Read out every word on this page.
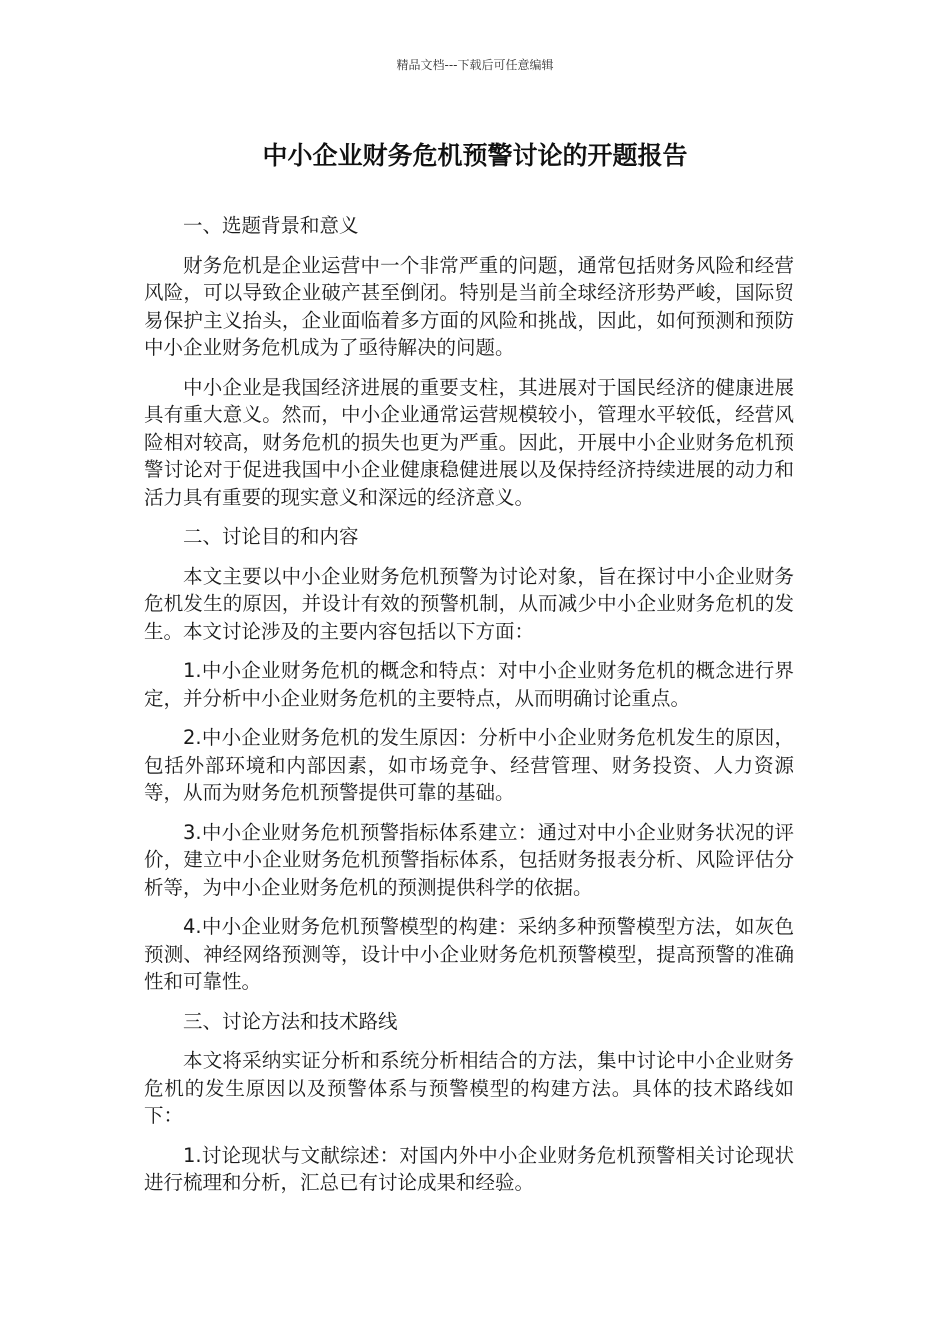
精品文档---下载后可任意编辑
中小企业财务危机预警讨论的开题报告

一、选题背景和意义

财务危机是企业运营中一个非常严重的问题，通常包括财务风险和经营风险，可以导致企业破产甚至倒闭。特别是当前全球经济形势严峻，国际贸易保护主义抬头，企业面临着多方面的风险和挑战，因此，如何预测和预防中小企业财务危机成为了亟待解决的问题。

中小企业是我国经济进展的重要支柱，其进展对于国民经济的健康进展具有重大意义。然而，中小企业通常运营规模较小，管理水平较低，经营风险相对较高，财务危机的损失也更为严重。因此，开展中小企业财务危机预警讨论对于促进我国中小企业健康稳健进展以及保持经济持续进展的动力和活力具有重要的现实意义和深远的经济意义。

二、讨论目的和内容

本文主要以中小企业财务危机预警为讨论对象，旨在探讨中小企业财务危机发生的原因，并设计有效的预警机制，从而减少中小企业财务危机的发生。本文讨论涉及的主要内容包括以下方面：

1.中小企业财务危机的概念和特点：对中小企业财务危机的概念进行界定，并分析中小企业财务危机的主要特点，从而明确讨论重点。

2.中小企业财务危机的发生原因：分析中小企业财务危机发生的原因，包括外部环境和内部因素，如市场竞争、经营管理、财务投资、人力资源等，从而为财务危机预警提供可靠的基础。

3.中小企业财务危机预警指标体系建立：通过对中小企业财务状况的评价，建立中小企业财务危机预警指标体系，包括财务报表分析、风险评估分析等，为中小企业财务危机的预测提供科学的依据。

4.中小企业财务危机预警模型的构建：采纳多种预警模型方法，如灰色预测、神经网络预测等，设计中小企业财务危机预警模型，提高预警的准确性和可靠性。

三、讨论方法和技术路线

本文将采纳实证分析和系统分析相结合的方法，集中讨论中小企业财务危机的发生原因以及预警体系与预警模型的构建方法。具体的技术路线如下：

1.讨论现状与文献综述：对国内外中小企业财务危机预警相关讨论现状进行梳理和分析，汇总已有讨论成果和经验。
